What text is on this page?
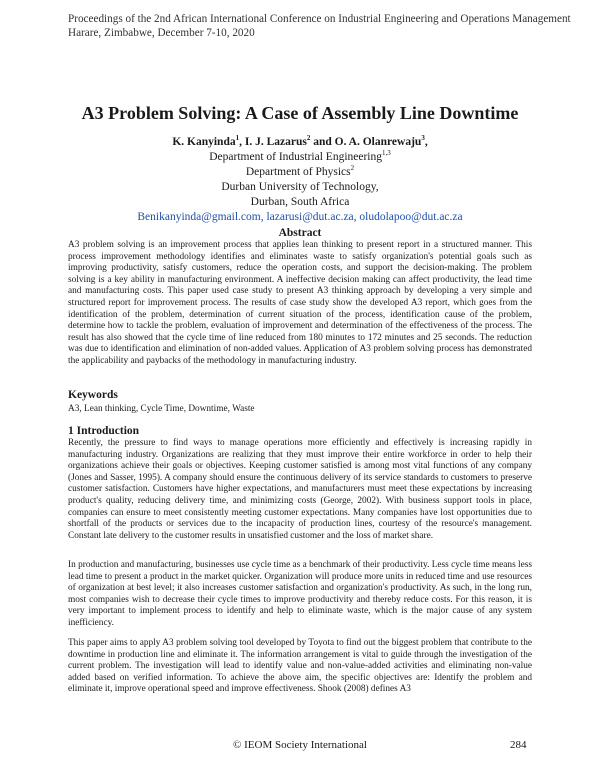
Proceedings of the 2nd African International Conference on Industrial Engineering and Operations Management
Harare, Zimbabwe, December 7-10, 2020
A3 Problem Solving: A Case of Assembly Line Downtime
K. Kanyinda$^1$, I. J. Lazarus$^2$ and O. A. Olanrewaju$^3$,
Department of Industrial Engineering$^{1,3}$
Department of Physics$^2$
Durban University of Technology,
Durban, South Africa
Benikanyinda@gmail.com, lazarusi@dut.ac.za, oludolapoo@dut.ac.za
Abstract
A3 problem solving is an improvement process that applies lean thinking to present report in a structured manner. This process improvement methodology identifies and eliminates waste to satisfy organization's potential goals such as improving productivity, satisfy customers, reduce the operation costs, and support the decision-making. The problem solving is a key ability in manufacturing environment. A ineffective decision making can affect productivity, the lead time and manufacturing costs. This paper used case study to present A3 thinking approach by developing a very simple and structured report for improvement process. The results of case study show the developed A3 report, which goes from the identification of the problem, determination of current situation of the process, identification cause of the problem, determine how to tackle the problem, evaluation of improvement and determination of the effectiveness of the process. The result has also showed that the cycle time of line reduced from 180 minutes to 172 minutes and 25 seconds. The reduction was due to identification and elimination of non-added values. Application of A3 problem solving process has demonstrated the applicability and paybacks of the methodology in manufacturing industry.
Keywords
A3, Lean thinking, Cycle Time, Downtime, Waste
1 Introduction
Recently, the pressure to find ways to manage operations more efficiently and effectively is increasing rapidly in manufacturing industry. Organizations are realizing that they must improve their entire workforce in order to help their organizations achieve their goals or objectives. Keeping customer satisfied is among most vital functions of any company (Jones and Sasser, 1995). A company should ensure the continuous delivery of its service standards to customers to preserve customer satisfaction. Customers have higher expectations, and manufacturers must meet these expectations by increasing product's quality, reducing delivery time, and minimizing costs (George, 2002). With business support tools in place, companies can ensure to meet consistently meeting customer expectations. Many companies have lost opportunities due to shortfall of the products or services due to the incapacity of production lines, courtesy of the resource's management. Constant late delivery to the customer results in unsatisfied customer and the loss of market share.
In production and manufacturing, businesses use cycle time as a benchmark of their productivity. Less cycle time means less lead time to present a product in the market quicker. Organization will produce more units in reduced time and use resources of organization at best level; it also increases customer satisfaction and organization's productivity. As such, in the long run, most companies wish to decrease their cycle times to improve productivity and thereby reduce costs. For this reason, it is very important to implement process to identify and help to eliminate waste, which is the major cause of any system inefficiency.
This paper aims to apply A3 problem solving tool developed by Toyota to find out the biggest problem that contribute to the downtime in production line and eliminate it. The information arrangement is vital to guide through the investigation of the current problem. The investigation will lead to identify value and non-value-added activities and eliminating non-value added based on verified information. To achieve the above aim, the specific objectives are: Identify the problem and eliminate it, improve operational speed and improve effectiveness. Shook (2008) defines A3
© IEOM Society International	284
